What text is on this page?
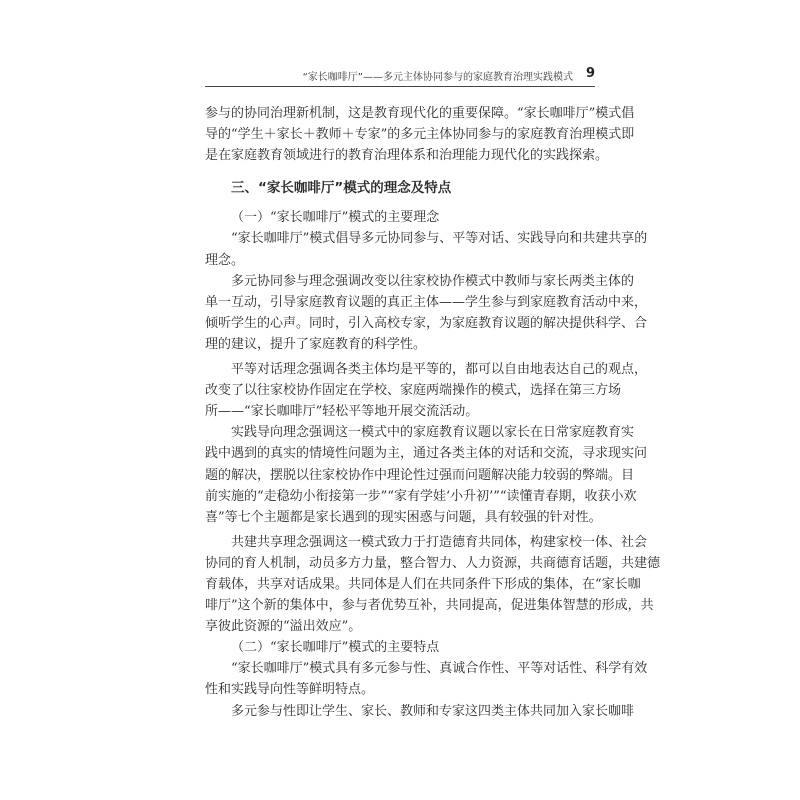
“家长咖啡厅”——多元主体协同参与的家庭教育治理实践模式 9
参与的协同治理新机制，这是教育现代化的重要保障。“家长咖啡厅”模式倡
导的“学生＋家长＋教师＋专家”的多元主体协同参与的家庭教育治理模式即
是在家庭教育领域进行的教育治理体系和治理能力现代化的实践探索。
三、“家长咖啡厅”模式的理念及特点
（一）“家长咖啡厅”模式的主要理念
“家长咖啡厅”模式倡导多元协同参与、平等对话、实践导向和共建共享的
理念。
多元协同参与理念强调改变以往家校协作模式中教师与家长两类主体的
单一互动，引导家庭教育议题的真正主体——学生参与到家庭教育活动中来，
倾听学生的心声。同时，引入高校专家，为家庭教育议题的解决提供科学、合
理的建议，提升了家庭教育的科学性。
平等对话理念强调各类主体均是平等的，都可以自由地表达自己的观点，
改变了以往家校协作固定在学校、家庭两端操作的模式，选择在第三方场
所——“家长咖啡厅”轻松平等地开展交流活动。
实践导向理念强调这一模式中的家庭教育议题以家长在日常家庭教育实
践中遇到的真实的情境性问题为主，通过各类主体的对话和交流，寻求现实问
题的解决，摆脱以往家校协作中理论性过强而问题解决能力较弱的弊端。目
前实施的“走稳幼小衔接第一步”“家有学娃‘小升初’”“读懂青春期，收获小欢
喜”等七个主题都是家长遇到的现实困惑与问题，具有较强的针对性。
共建共享理念强调这一模式致力于打造德育共同体，构建家校一体、社会
协同的育人机制，动员多方力量，整合智力、人力资源，共商德育话题，共建德
育载体，共享对话成果。共同体是人们在共同条件下形成的集体，在“家长咖
啡厅”这个新的集体中，参与者优势互补，共同提高，促进集体智慧的形成，共
享彼此资源的“溢出效应”。
（二）“家长咖啡厅”模式的主要特点
“家长咖啡厅”模式具有多元参与性、真诚合作性、平等对话性、科学有效
性和实践导向性等鲜明特点。
多元参与性即让学生、家长、教师和专家这四类主体共同加入家长咖啡
